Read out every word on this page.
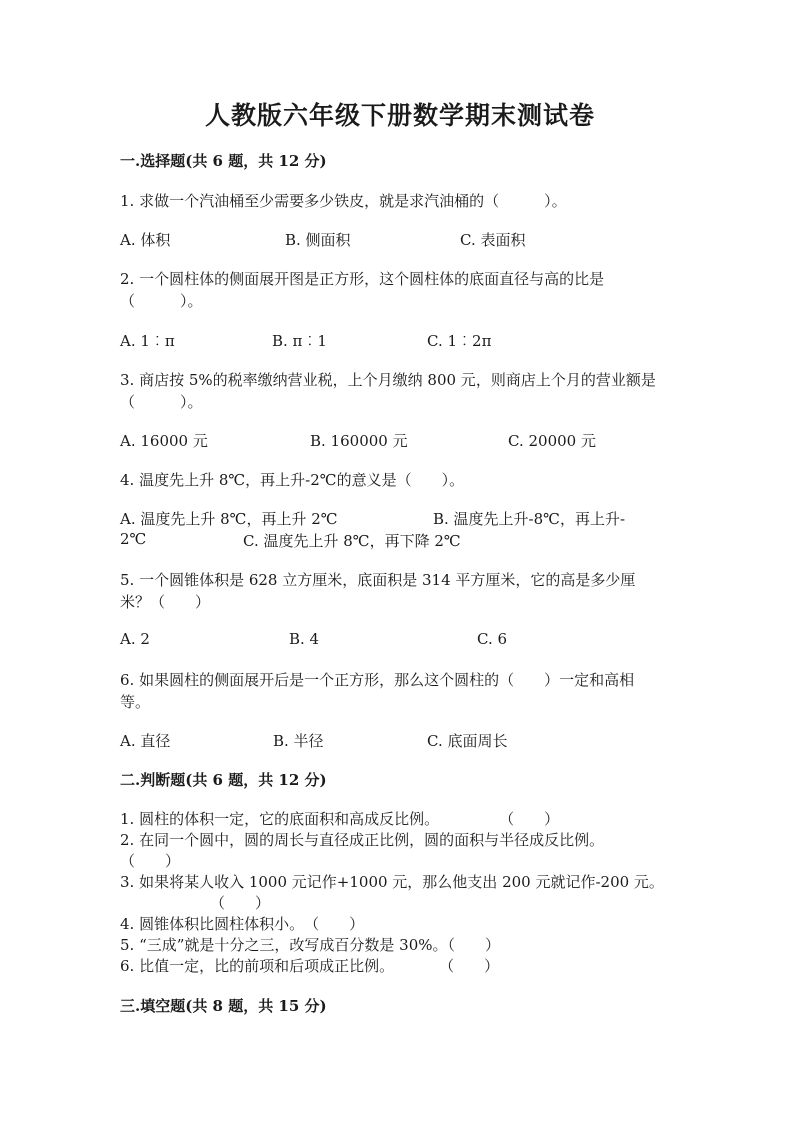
人教版六年级下册数学期末测试卷
一.选择题(共 6 题，共 12 分)
1. 求做一个汽油桶至少需要多少铁皮，就是求汽油桶的（　　　）。
A. 体积	B. 侧面积	C. 表面积
2. 一个圆柱体的侧面展开图是正方形，这个圆柱体的底面直径与高的比是
（　　　）。
A. 1︰π	B. π︰1	C. 1︰2π
3. 商店按 5%的税率缴纳营业税，上个月缴纳 800 元，则商店上个月的营业额是
（　　　）。
A. 16000 元	B. 160000 元	C. 20000 元
4. 温度先上升 8℃，再上升-2℃的意义是（　　）。
A. 温度先上升 8℃，再上升 2℃	B. 温度先上升-8℃，再上升-
2℃	C. 温度先上升 8℃，再下降 2℃
5. 一个圆锥体积是 628 立方厘米，底面积是 314 平方厘米，它的高是多少厘
米？（　　）
A. 2	B. 4	C. 6
6. 如果圆柱的侧面展开后是一个正方形，那么这个圆柱的（　　）一定和高相
等。
A. 直径	B. 半径	C. 底面周长
二.判断题(共 6 题，共 12 分)
1. 圆柱的体积一定，它的底面积和高成反比例。　　　　　（　　）
2. 在同一个圆中，圆的周长与直径成正比例，圆的面积与半径成反比例。
（　　）
3. 如果将某人收入 1000 元记作+1000 元，那么他支出 200 元就记作-200 元。
（　　）
4. 圆锥体积比圆柱体积小。　（　　）
5. “三成”就是十分之三，改写成百分数是 30%。（　　）
6. 比值一定，比的前项和后项成正比例。　　　　（　　）
三.填空题(共 8 题，共 15 分)
